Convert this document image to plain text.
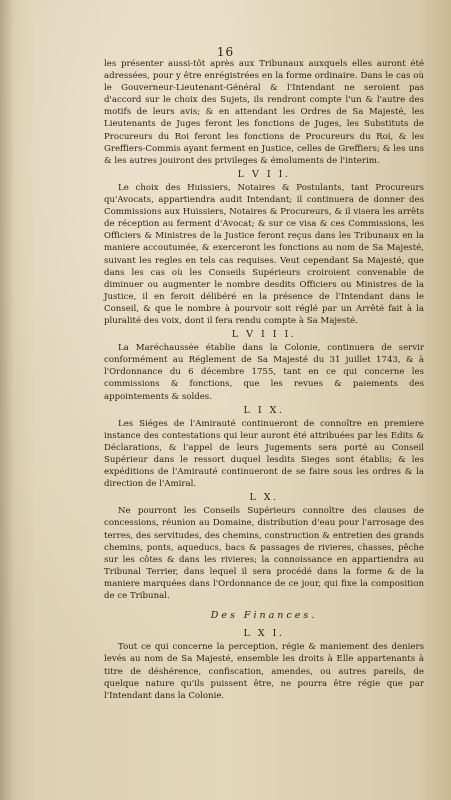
16

les présenter aussi-tôt après aux Tribunaux auxquels elles auront été adressées, pour y être enrégistrées en la forme ordinaire. Dans le cas où le Gouverneur-Lieutenant-Général & l'Intendant ne seroient pas d'accord sur le choix des Sujets, ils rendront compte l'un & l'autre des motifs de leurs avis; & en attendant les Ordres de Sa Majesté, les Lieutenants de Juges feront les fonctions de Juges, les Substituts de Procureurs du Roi feront les fonctions de Procureurs du Roi, & les Greffiers-Commis ayant ferment en Justice, celles de Greffiers; & les uns & les autres jouiront des privileges & émoluments de l'interim.

L V I I.

Le choix des Huissiers, Notaires & Postulants, tant Procureurs qu'Avocats, appartiendra audit Intendant; il continuera de donner des Commissions aux Huissiers, Notaires & Procureurs, & il visera les arrêts de réception au ferment d'Avocat; & sur ce visa & ces Commissions, les Officiers & Ministres de la Justice feront reçus dans les Tribunaux en la maniere accoutumée, & exerceront les fonctions au nom de Sa Majesté, suivant les regles en tels cas requises. Veut cependant Sa Majesté, que dans les cas où les Conseils Supérieurs croiroient convenable de diminuer ou augmenter le nombre desdits Officiers ou Ministres de la Justice, il en feroit délibéré en la présence de l'Intendant dans le Conseil, & que le nombre à pourvoir soit réglé par un Arrêté fait à la pluralité des voix, dont il fera rendu compte à Sa Majesté.

L V I I I.

La Maréchaussée établie dans la Colonie, continuera de servir conformément au Réglement de Sa Majesté du 31 juillet 1743, & à l'Ordonnance du 6 décembre 1755, tant en ce qui concerne les commissions & fonctions, que les revues & paiements des appointements & soldes.

L I X.

Les Siéges de l'Amirauté continueront de connoître en premiere instance des contestations qui leur auront été attribuées par les Edits & Déclarations, & l'appel de leurs Jugements sera porté au Conseil Supérieur dans le ressort duquel lesdits Sieges sont établis; & les expéditions de l'Amirauté continueront de se faire sous les ordres & la direction de l'Amiral.

L X.

Ne pourront les Conseils Supérieurs connoître des clauses de concessions, réunion au Domaine, distribution d'eau pour l'arrosage des terres, des servitudes, des chemins, construction & entretien des grands chemins, ponts, aqueducs, bacs & passages de rivieres, chasses, pêche sur les côtes & dans les rivieres; la connoissance en appartiendra au Tribunal Terrier, dans lequel il sera procédé dans la forme & de la maniere marquées dans l'Ordonnance de ce jour, qui fixe la composition de ce Tribunal.

Des Finances.

L X I.

Tout ce qui concerne la perception, régie & maniement des deniers levés au nom de Sa Majesté, ensemble les droits à Elle appartenants à titre de déshérence, confiscation, amendes, ou autres pareils, de quelque nature qu'ils puissent être, ne pourra être régie que par l'Intendant dans la Colonie.
